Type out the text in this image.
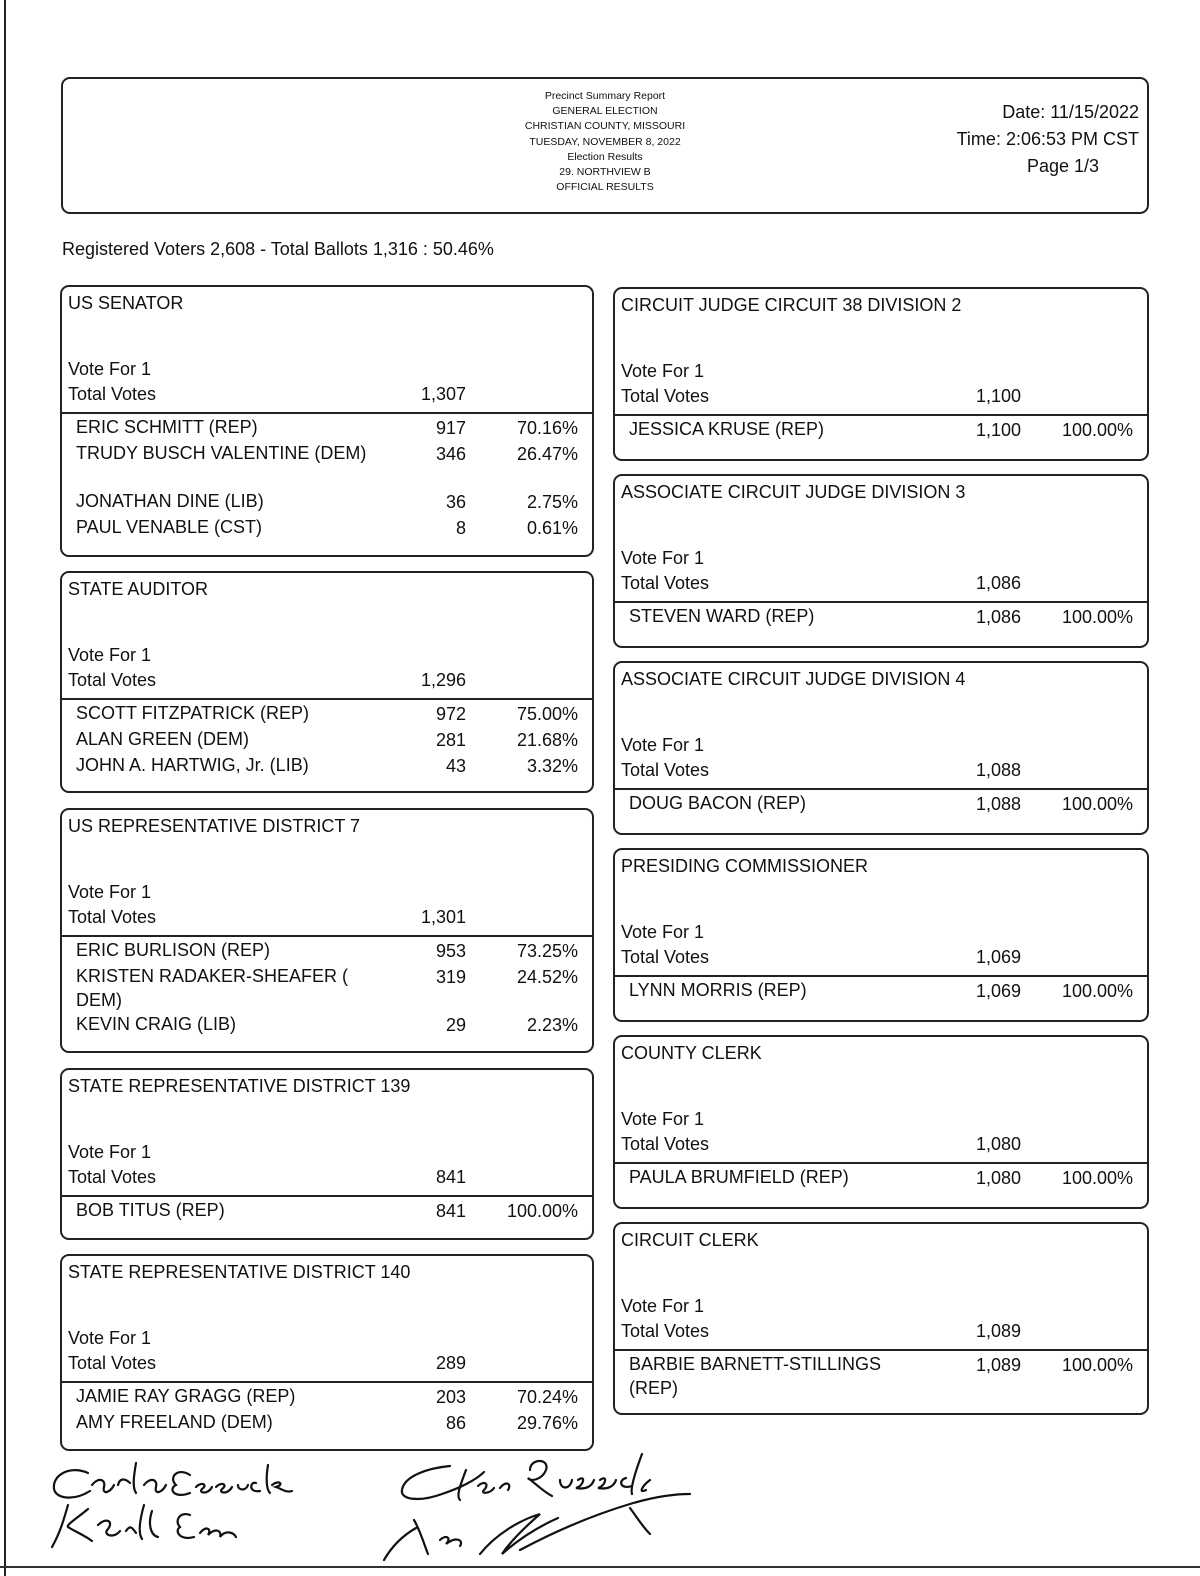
Precinct Summary Report
GENERAL ELECTION
CHRISTIAN COUNTY, MISSOURI
TUESDAY, NOVEMBER 8, 2022
Election Results
29. NORTHVIEW B
OFFICIAL RESULTS
Date: 11/15/2022
Time: 2:06:53 PM CST
Page 1/3
Registered Voters 2,608 - Total Ballots 1,316 : 50.46%
US SENATOR
Vote For 1
Total Votes	1,307
ERIC SCHMITT (REP)	917	70.16%
TRUDY BUSCH VALENTINE (DEM)	346	26.47%
JONATHAN DINE (LIB)	36	2.75%
PAUL VENABLE (CST)	8	0.61%
STATE AUDITOR
Vote For 1
Total Votes	1,296
SCOTT FITZPATRICK (REP)	972	75.00%
ALAN GREEN (DEM)	281	21.68%
JOHN A. HARTWIG, Jr. (LIB)	43	3.32%
US REPRESENTATIVE DISTRICT 7
Vote For 1
Total Votes	1,301
ERIC BURLISON (REP)	953	73.25%
KRISTEN RADAKER-SHEAFER ( DEM)
319	24.52%
KEVIN CRAIG (LIB)	29	2.23%
STATE REPRESENTATIVE DISTRICT 139
Vote For 1
Total Votes	841
BOB TITUS (REP)	841	100.00%
STATE REPRESENTATIVE DISTRICT 140
Vote For 1
Total Votes	289
JAMIE RAY GRAGG (REP)	203	70.24%
AMY FREELAND (DEM)	86	29.76%
CIRCUIT JUDGE CIRCUIT 38 DIVISION 2
Vote For 1
Total Votes	1,100
JESSICA KRUSE (REP)	1,100	100.00%
ASSOCIATE CIRCUIT JUDGE DIVISION 3
Vote For 1
Total Votes	1,086
STEVEN WARD (REP)	1,086	100.00%
ASSOCIATE CIRCUIT JUDGE DIVISION 4
Vote For 1
Total Votes	1,088
DOUG BACON (REP)	1,088	100.00%
PRESIDING COMMISSIONER
Vote For 1
Total Votes	1,069
LYNN MORRIS (REP)	1,069	100.00%
COUNTY CLERK
Vote For 1
Total Votes	1,080
PAULA BRUMFIELD (REP)	1,080	100.00%
CIRCUIT CLERK
Vote For 1
Total Votes	1,089
BARBIE BARNETT-STILLINGS (REP)
1,089	100.00%
